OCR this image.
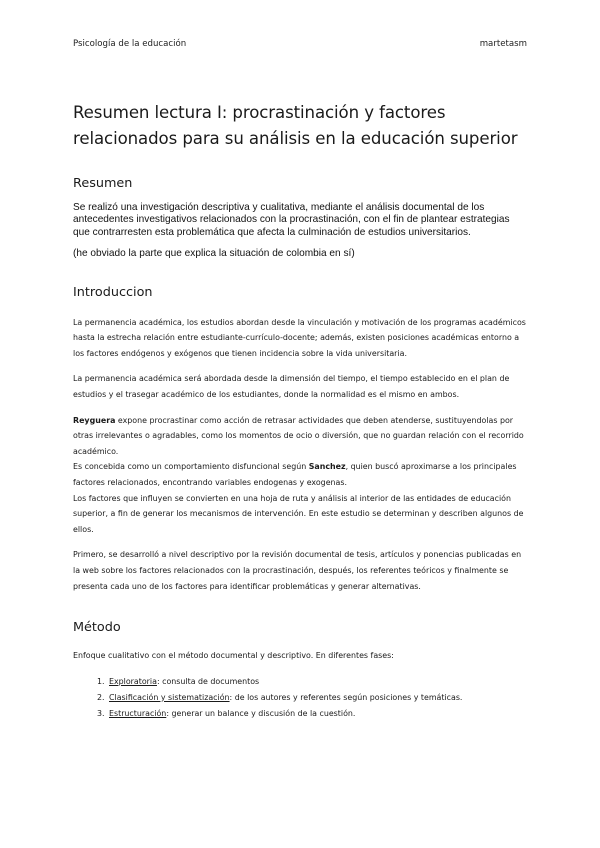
Psicología de la educación	martetasm
Resumen lectura I: procrastinación y factores relacionados para su análisis en la educación superior
Resumen

Se realizó una investigación descriptiva y cualitativa, mediante el análisis documental de los antecedentes investigativos relacionados con la procrastinación, con el fin de plantear estrategias que contrarresten esta problemática que afecta la culminación de estudios universitarios.

(he obviado la parte que explica la situación de colombia en sí)

Introduccion

La permanencia académica, los estudios abordan desde la vinculación y motivación de los programas académicos hasta la estrecha relación entre estudiante-currículo-docente; además, existen posiciones académicas entorno a los factores endógenos y exógenos que tienen incidencia sobre la vida universitaria.

La permanencia académica será abordada desde la dimensión del tiempo, el tiempo establecido en el plan de estudios y el trasegar académico de los estudiantes, donde la normalidad es el mismo en ambos.

Reyguera expone procrastinar como acción de retrasar actividades que deben atenderse, sustituyendolas por otras irrelevantes o agradables, como los momentos de ocio o diversión, que no guardan relación con el recorrido académico.

Es concebida como un comportamiento disfuncional según Sanchez, quien buscó aproximarse a los principales factores relacionados, encontrando variables endogenas y exogenas.

Los factores que influyen se convierten en una hoja de ruta y análisis al interior de las entidades de educación superior, a fin de generar los mecanismos de intervención. En este estudio se determinan y describen algunos de ellos.

Primero, se desarrolló a nivel descriptivo por la revisión documental de tesis, artículos y ponencias publicadas en la web sobre los factores relacionados con la procrastinación, después, los referentes teóricos y finalmente se presenta cada uno de los factores para identificar problemáticas y generar alternativas.

Método

Enfoque cualitativo con el método documental y descriptivo. En diferentes fases:

1. Exploratoria: consulta de documentos
2. Clasificación y sistematización: de los autores y referentes según posiciones y temáticas.
3. Estructuración: generar un balance y discusión de la cuestión.
